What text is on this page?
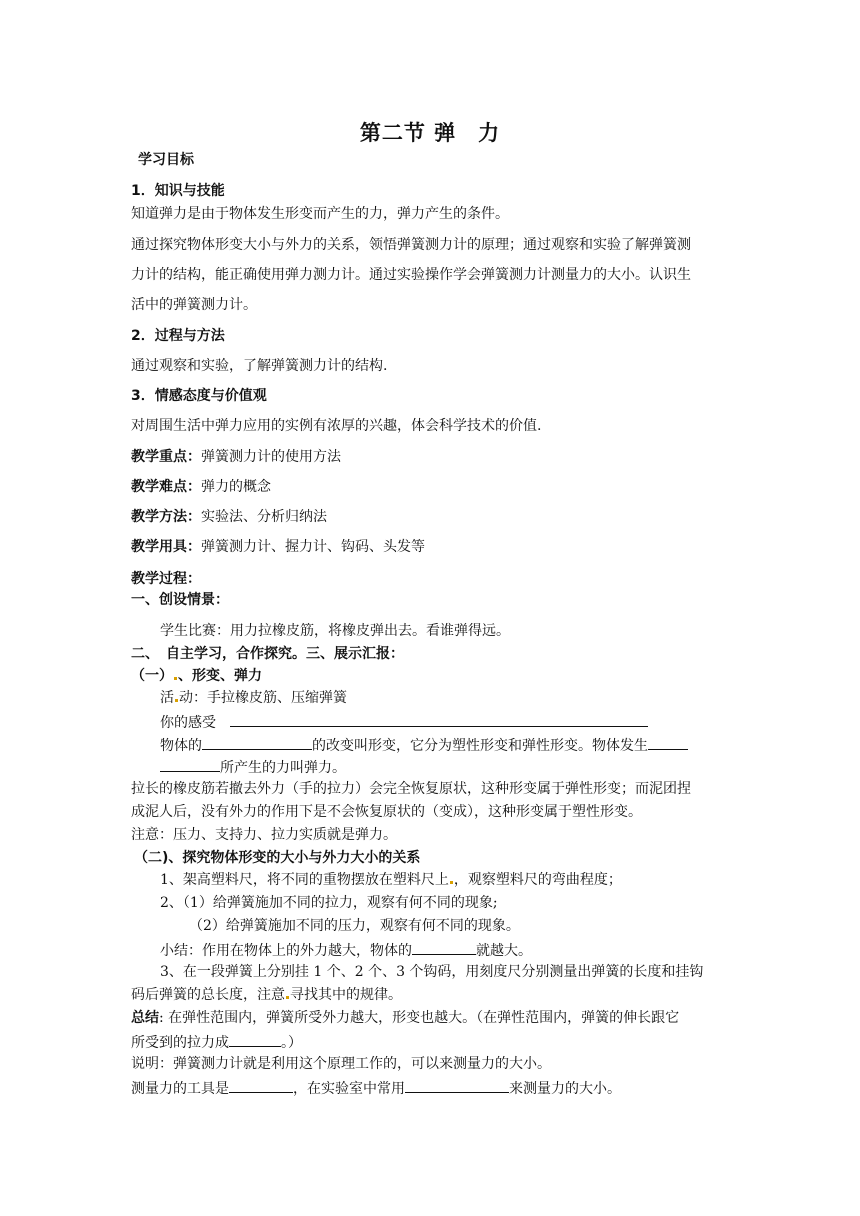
第二节 弹　力
学习目标
1．知识与技能
知道弹力是由于物体发生形变而产生的力，弹力产生的条件。
通过探究物体形变大小与外力的关系，领悟弹簧测力计的原理；通过观察和实验了解弹簧测
力计的结构，能正确使用弹力测力计。通过实验操作学会弹簧测力计测量力的大小。认识生
活中的弹簧测力计。
2．过程与方法
通过观察和实验，了解弹簧测力计的结构.
3．情感态度与价值观
对周围生活中弹力应用的实例有浓厚的兴趣，体会科学技术的价值.
教学重点：弹簧测力计的使用方法
教学难点：弹力的概念
教学方法：实验法、分析归纳法
教学用具：弹簧测力计、握力计、钩码、头发等
教学过程：
一、创设情景：
学生比赛：用力拉橡皮筋，将橡皮弹出去。看谁弹得远。
二、　自主学习，合作探究。三、展示汇报：
（一） 、形变、弹力
活 动：手拉橡皮筋、压缩弹簧
你的感受
物体的	的改变叫形变，它分为塑性形变和弹性形变。物体发生
所产生的力叫弹力。
拉长的橡皮筋若撤去外力（手的拉力）会完全恢复原状，这种形变属于弹性形变；而泥团捏
成泥人后，没有外力的作用下是不会恢复原状的（变成），这种形变属于塑性形变。
注意：压力、支持力、拉力实质就是弹力。
（二)、探究物体形变的大小与外力大小的关系
1、架高塑料尺，将不同的重物摆放在塑料尺上 ，观察塑料尺的弯曲程度；
2、（1）给弹簧施加不同的拉力，观察有何不同的现象;
（2）给弹簧施加不同的压力，观察有何不同的现象。
小结：作用在物体上的外力越大，物体的	就越大。
3、在一段弹簧上分别挂 1 个、2 个、3 个钩码，用刻度尺分别测量出弹簧的长度和挂钩
码后弹簧的总长度，注意 寻找其中的规律。
总结: 在弹性范围内，弹簧所受外力越大，形变也越大。（在弹性范围内，弹簧的伸长跟它
所受到的拉力成	。）
说明：弹簧测力计就是利用这个原理工作的，可以来测量力的大小。
测量力的工具是	，在实验室中常用	来测量力的大小。
